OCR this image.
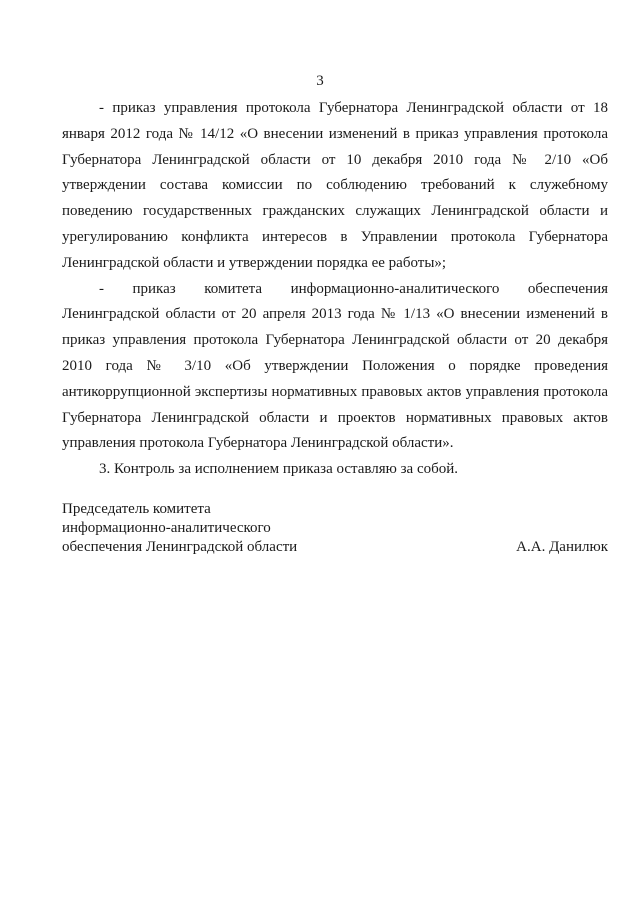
3

- приказ управления протокола Губернатора Ленинградской области от 18 января 2012 года № 14/12 «О внесении изменений в приказ управления протокола Губернатора Ленинградской области от 10 декабря 2010 года № 2/10 «Об утверждении состава комиссии по соблюдению требований к служебному поведению государственных гражданских служащих Ленинградской области и урегулированию конфликта интересов в Управлении протокола Губернатора Ленинградской области и утверждении порядка ее работы»;

- приказ комитета информационно-аналитического обеспечения Ленинградской области от 20 апреля 2013 года № 1/13 «О внесении изменений в приказ управления протокола Губернатора Ленинградской области от 20 декабря 2010 года № 3/10 «Об утверждении Положения о порядке проведения антикоррупционной экспертизы нормативных правовых актов управления протокола Губернатора Ленинградской области и проектов нормативных правовых актов управления протокола Губернатора Ленинградской области».

3. Контроль за исполнением приказа оставляю за собой.

Председатель комитета
информационно-аналитического
обеспечения Ленинградской области	А.А. Данилюк
